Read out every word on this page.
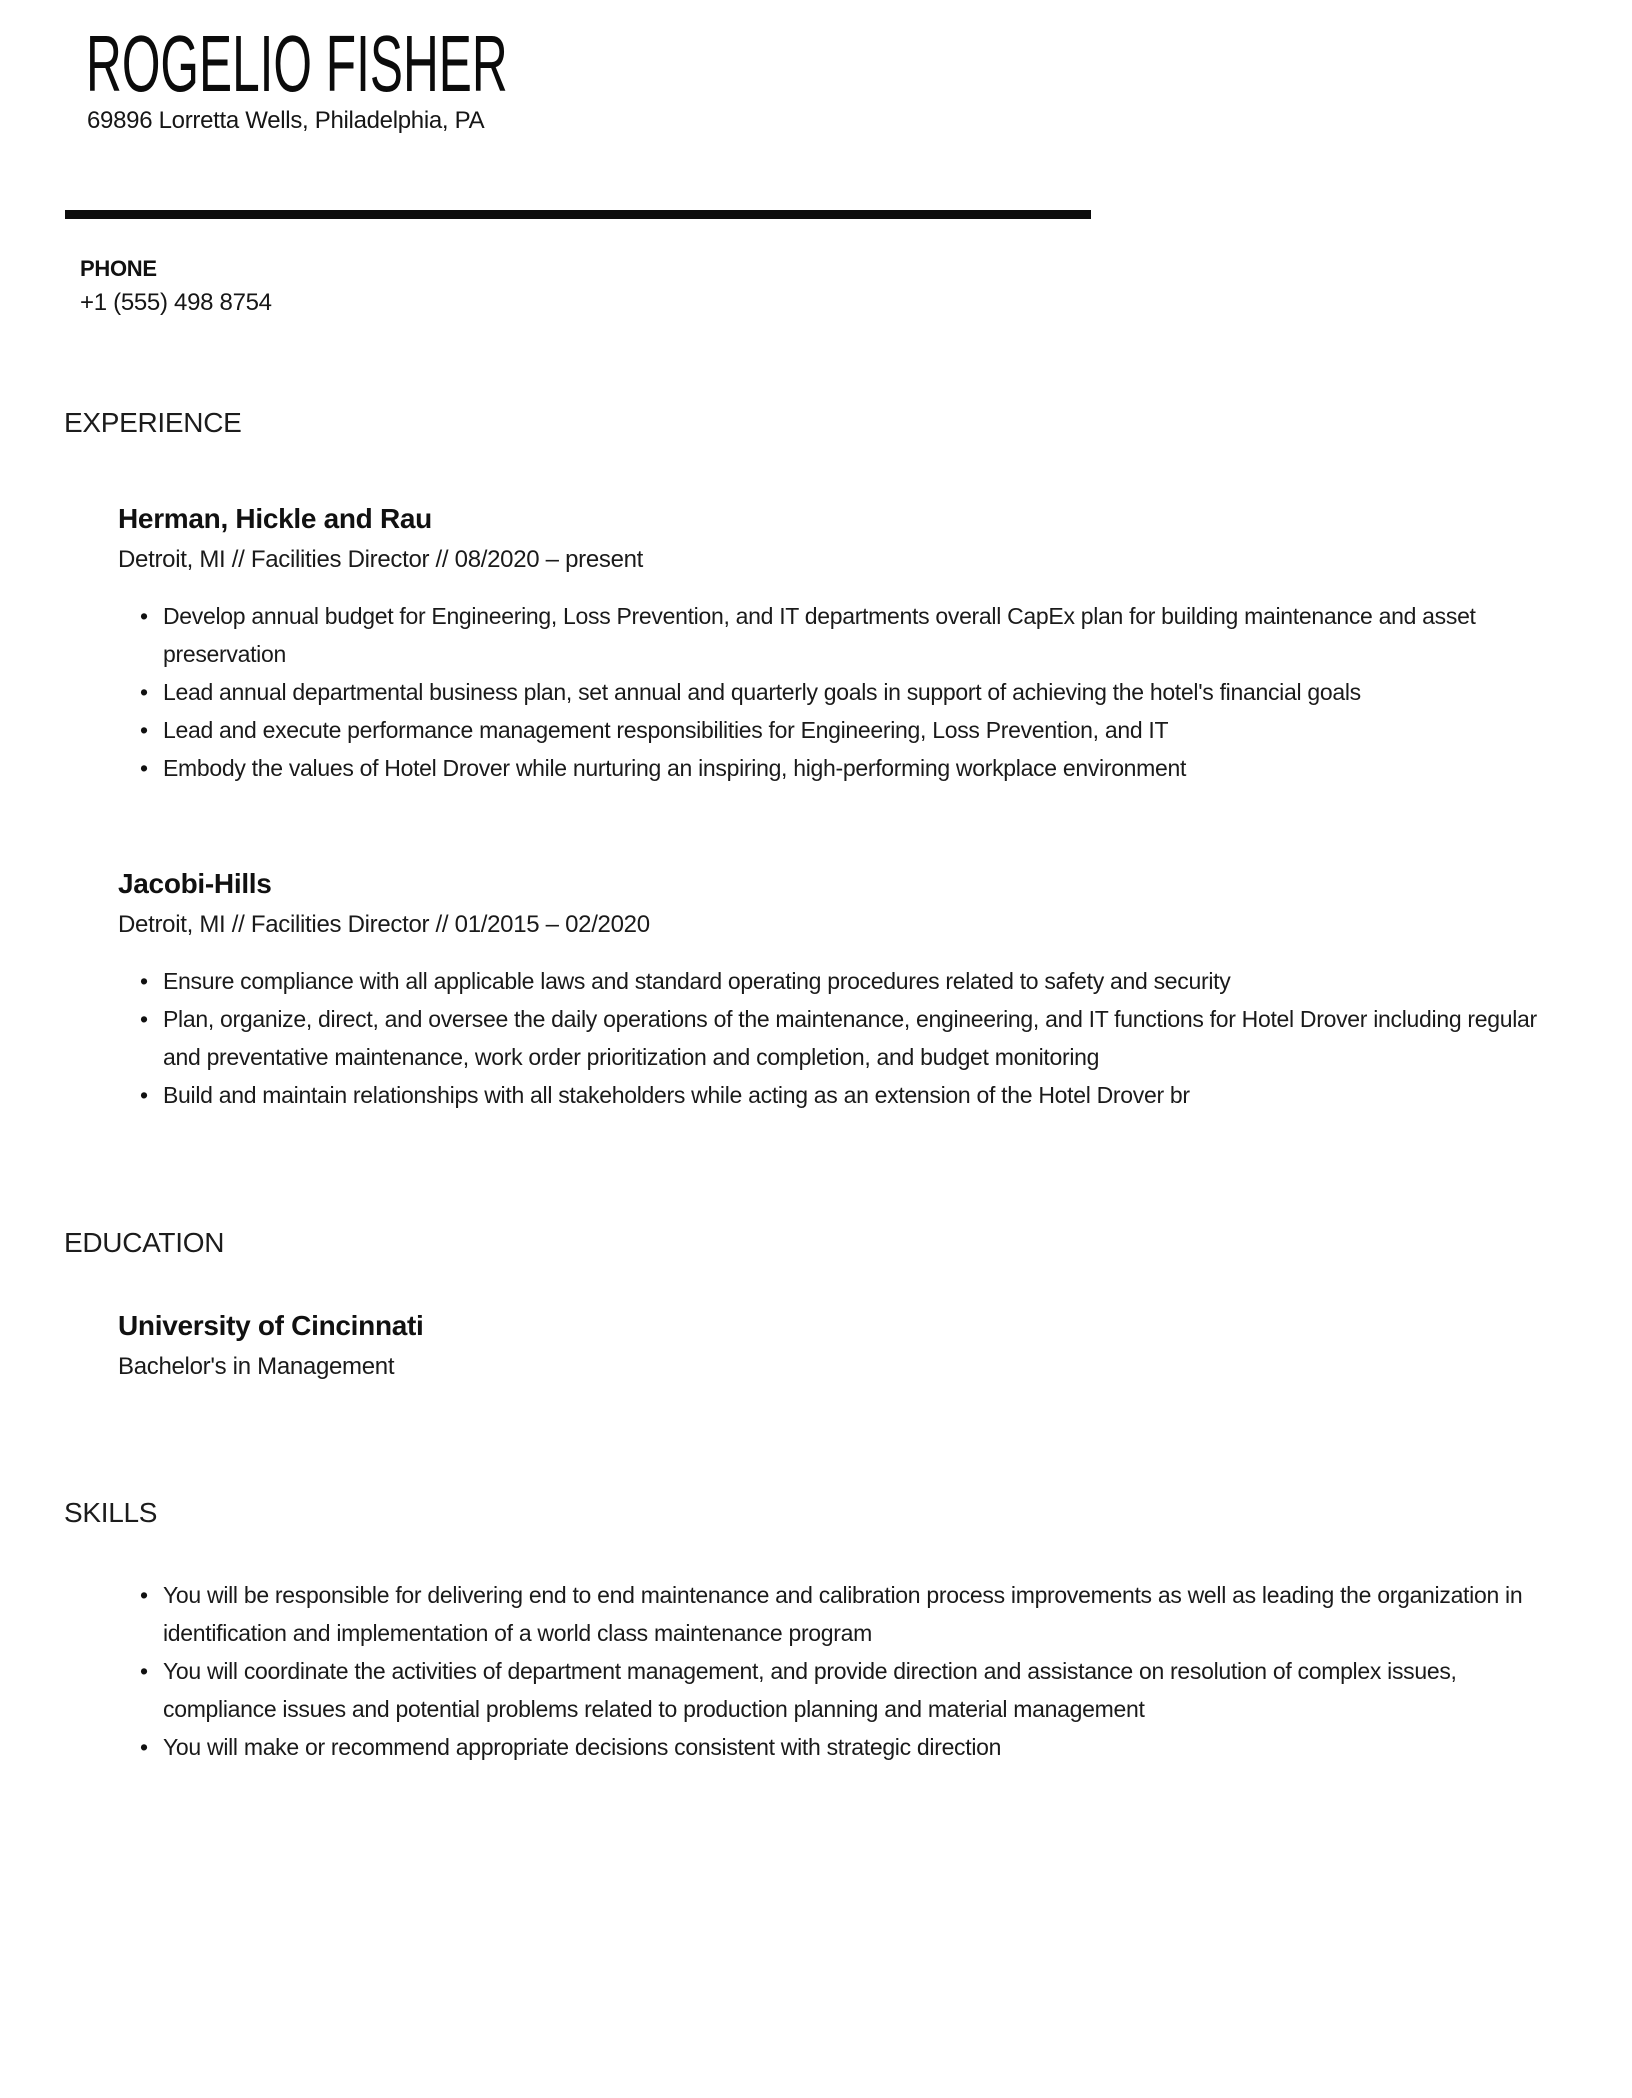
ROGELIO FISHER
69896 Lorretta Wells, Philadelphia, PA
PHONE
+1 (555) 498 8754
EXPERIENCE
Herman, Hickle and Rau
Detroit, MI // Facilities Director // 08/2020 – present
• Develop annual budget for Engineering, Loss Prevention, and IT departments overall CapEx plan for building maintenance and asset preservation
• Lead annual departmental business plan, set annual and quarterly goals in support of achieving the hotel's financial goals
• Lead and execute performance management responsibilities for Engineering, Loss Prevention, and IT
• Embody the values of Hotel Drover while nurturing an inspiring, high-performing workplace environment
Jacobi-Hills
Detroit, MI // Facilities Director // 01/2015 – 02/2020
• Ensure compliance with all applicable laws and standard operating procedures related to safety and security
• Plan, organize, direct, and oversee the daily operations of the maintenance, engineering, and IT functions for Hotel Drover including regular and preventative maintenance, work order prioritization and completion, and budget monitoring
• Build and maintain relationships with all stakeholders while acting as an extension of the Hotel Drover br
EDUCATION
University of Cincinnati
Bachelor's in Management
SKILLS
• You will be responsible for delivering end to end maintenance and calibration process improvements as well as leading the organization in identification and implementation of a world class maintenance program
• You will coordinate the activities of department management, and provide direction and assistance on resolution of complex issues, compliance issues and potential problems related to production planning and material management
• You will make or recommend appropriate decisions consistent with strategic direction
